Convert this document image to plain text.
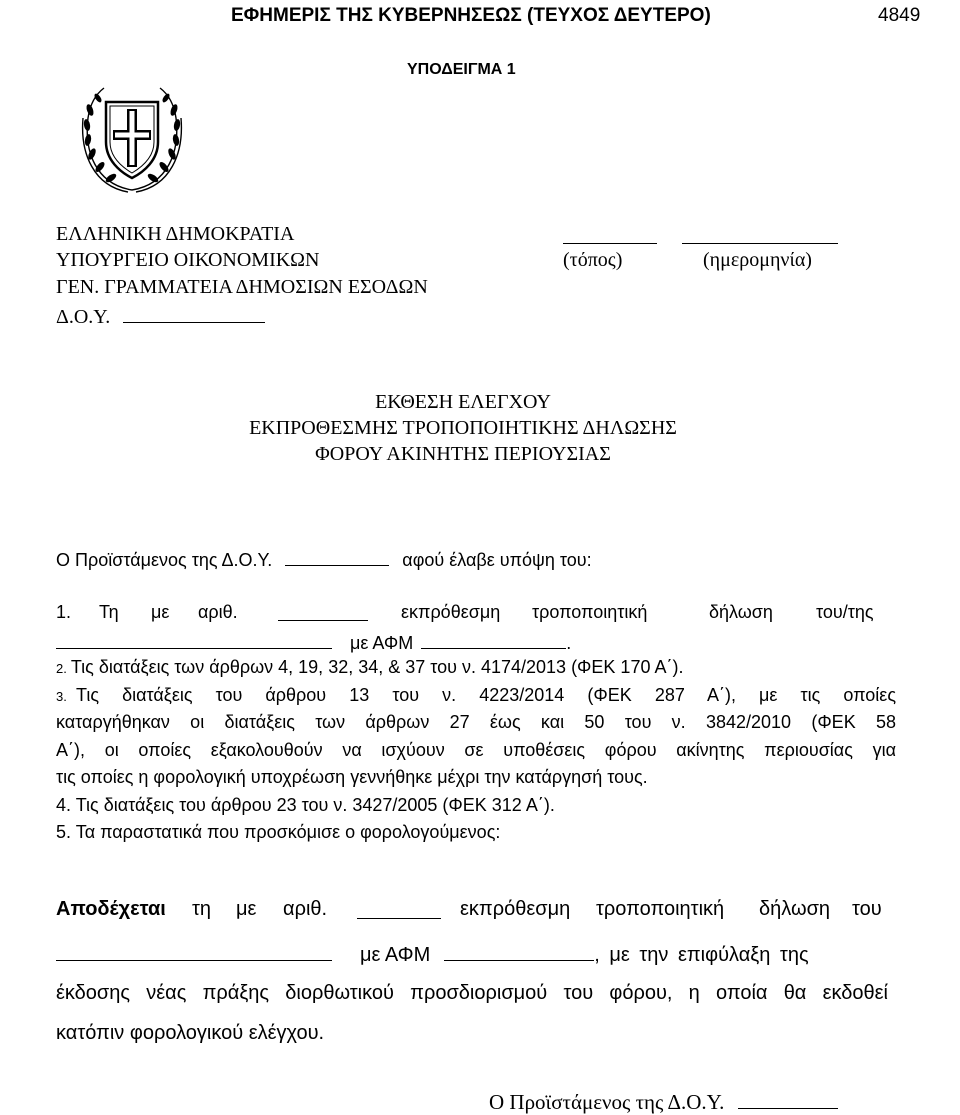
ΕΦΗΜΕΡΙΣ ΤΗΣ ΚΥΒΕΡΝΗΣΕΩΣ (ΤΕΥΧΟΣ ΔΕΥΤΕΡΟ)	4849
ΥΠΟΔΕΙΓΜΑ 1
ΕΛΛΗΝΙΚΗ ΔΗΜΟΚΡΑΤΙΑ
ΥΠΟΥΡΓΕΙΟ ΟΙΚΟΝΟΜΙΚΩΝ
ΓΕΝ. ΓΡΑΜΜΑΤΕΙΑ ΔΗΜΟΣΙΩΝ ΕΣΟΔΩΝ
Δ.Ο.Υ.
(τόπος)	(ημερομηνία)
ΕΚΘΕΣΗ ΕΛΕΓΧΟΥ
ΕΚΠΡΟΘΕΣΜΗΣ ΤΡΟΠΟΠΟΙΗΤΙΚΗΣ ΔΗΛΩΣΗΣ
ΦΟΡΟΥ ΑΚΙΝΗΤΗΣ ΠΕΡΙΟΥΣΙΑΣ
Ο Προϊστάμενος της Δ.Ο.Υ.	αφού έλαβε υπόψη του:
1. Τη με αριθ.	εκπρόθεσμη τροποποιητική	δήλωση του/της
με ΑΦΜ	.
2. Τις διατάξεις των άρθρων 4, 19, 32, 34, & 37 του ν. 4174/2013 (ΦΕΚ 170 Α΄).
3. Τις διατάξεις του άρθρου 13 του ν. 4223/2014 (ΦΕΚ 287 Α΄), με τις οποίες
καταργήθηκαν οι διατάξεις των άρθρων 27 έως και 50 του ν. 3842/2010 (ΦΕΚ 58
Α΄), οι οποίες εξακολουθούν να ισχύουν σε υποθέσεις φόρου ακίνητης περιουσίας για
τις οποίες η φορολογική υποχρέωση γεννήθηκε μέχρι την κατάργησή τους.
4. Τις διατάξεις του άρθρου 23 του ν. 3427/2005 (ΦΕΚ 312 Α΄).
5. Τα παραστατικά που προσκόμισε ο φορολογούμενος:
Αποδέχεται τη με αριθ.	εκπρόθεσμη τροποποιητική δήλωση του
με ΑΦΜ	, με την επιφύλαξη της
έκδοσης νέας πράξης διορθωτικού προσδιορισμού του φόρου, η οποία θα εκδοθεί
κατόπιν φορολογικού ελέγχου.
Ο Προϊστάμενος της Δ.Ο.Υ.
